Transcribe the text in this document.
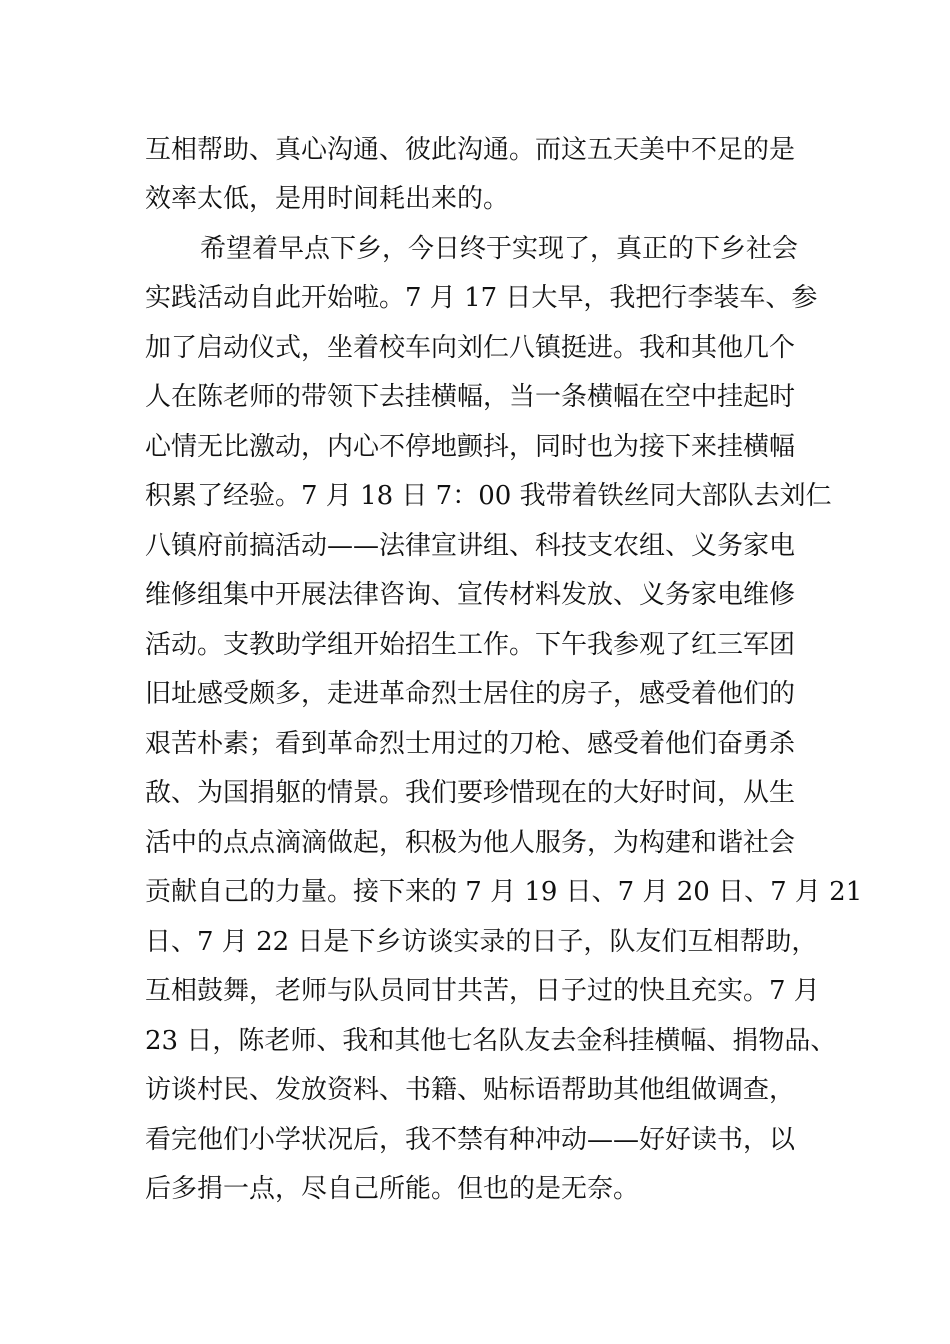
互相帮助、真心沟通、彼此沟通。而这五天美中不足的是
效率太低，是用时间耗出来的。
希望着早点下乡，今日终于实现了，真正的下乡社会
实践活动自此开始啦。7 月 17 日大早，我把行李装车、参
加了启动仪式，坐着校车向刘仁八镇挺进。我和其他几个
人在陈老师的带领下去挂横幅，当一条横幅在空中挂起时
心情无比激动，内心不停地颤抖，同时也为接下来挂横幅
积累了经验。7 月 18 日 7：00 我带着铁丝同大部队去刘仁
八镇府前搞活动——法律宣讲组、科技支农组、义务家电
维修组集中开展法律咨询、宣传材料发放、义务家电维修
活动。支教助学组开始招生工作。下午我参观了红三军团
旧址感受颇多，走进革命烈士居住的房子，感受着他们的
艰苦朴素；看到革命烈士用过的刀枪、感受着他们奋勇杀
敌、为国捐躯的情景。我们要珍惜现在的大好时间，从生
活中的点点滴滴做起，积极为他人服务，为构建和谐社会
贡献自己的力量。接下来的 7 月 19 日、7 月 20 日、7 月 21
日、7 月 22 日是下乡访谈实录的日子，队友们互相帮助，
互相鼓舞，老师与队员同甘共苦，日子过的快且充实。7 月
23 日，陈老师、我和其他七名队友去金科挂横幅、捐物品、
访谈村民、发放资料、书籍、贴标语帮助其他组做调查，
看完他们小学状况后，我不禁有种冲动——好好读书，以
后多捐一点，尽自己所能。但也的是无奈。
